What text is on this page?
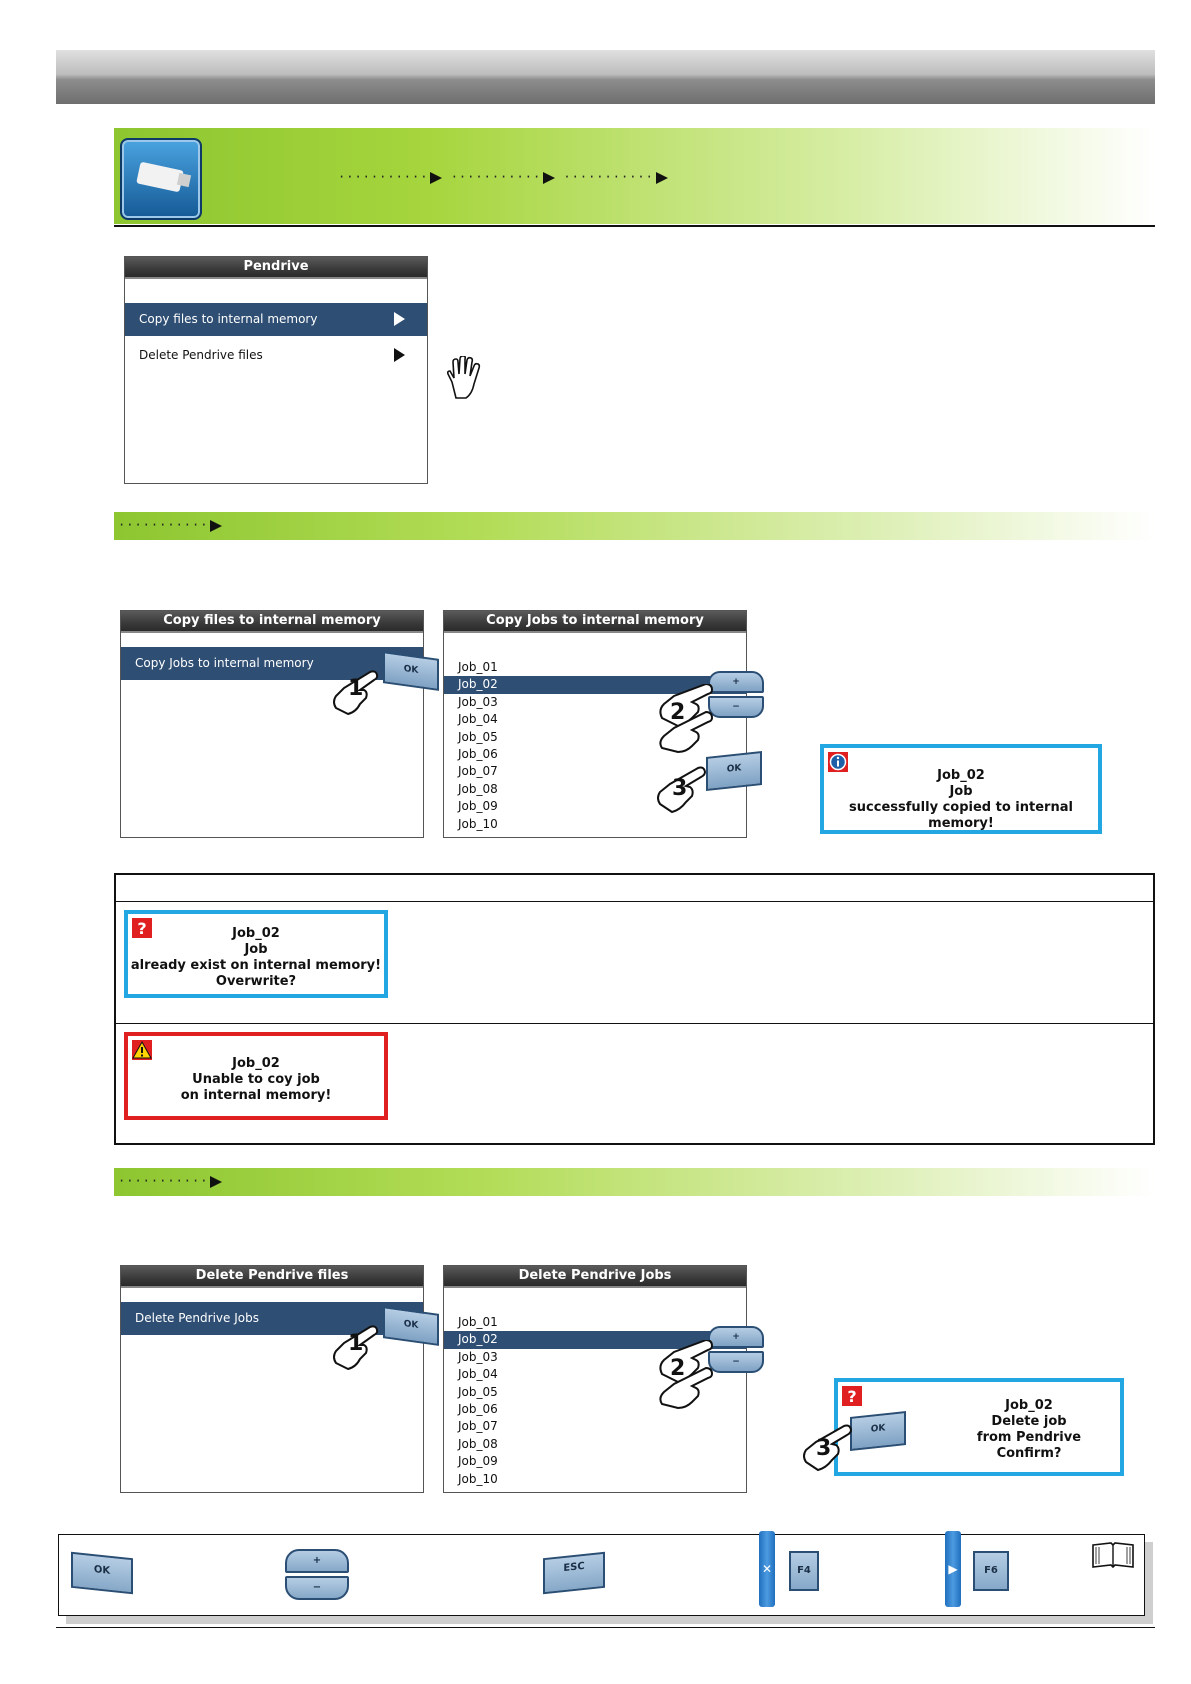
··········· ··········· ···········
Pendrive
Copy files to internal memory
Delete Pendrive files
···········
Copy files to internal memory
Copy Jobs to internal memory	OK
1
Copy Jobs to internal memory
Job_01
Job_02
Job_03
Job_04
Job_05
Job_06
Job_07
Job_08
Job_09
Job_10
+
−
2
OK
3
Job_02
Job
successfully copied to internal memory!
?	Job_02
Job
already exist on internal memory!
Overwrite?
Job_02
Unable to coy job
on internal memory!
···········
Delete Pendrive files
Delete Pendrive Jobs	OK
1
Delete Pendrive Jobs
Job_01
Job_02
Job_03
Job_04
Job_05
Job_06
Job_07
Job_08
Job_09
Job_10
+
−
2
?	Job_02
Delete job
from Pendrive
Confirm?
OK
3
OK
+
−
ESC	✕	F4	▶	F6
